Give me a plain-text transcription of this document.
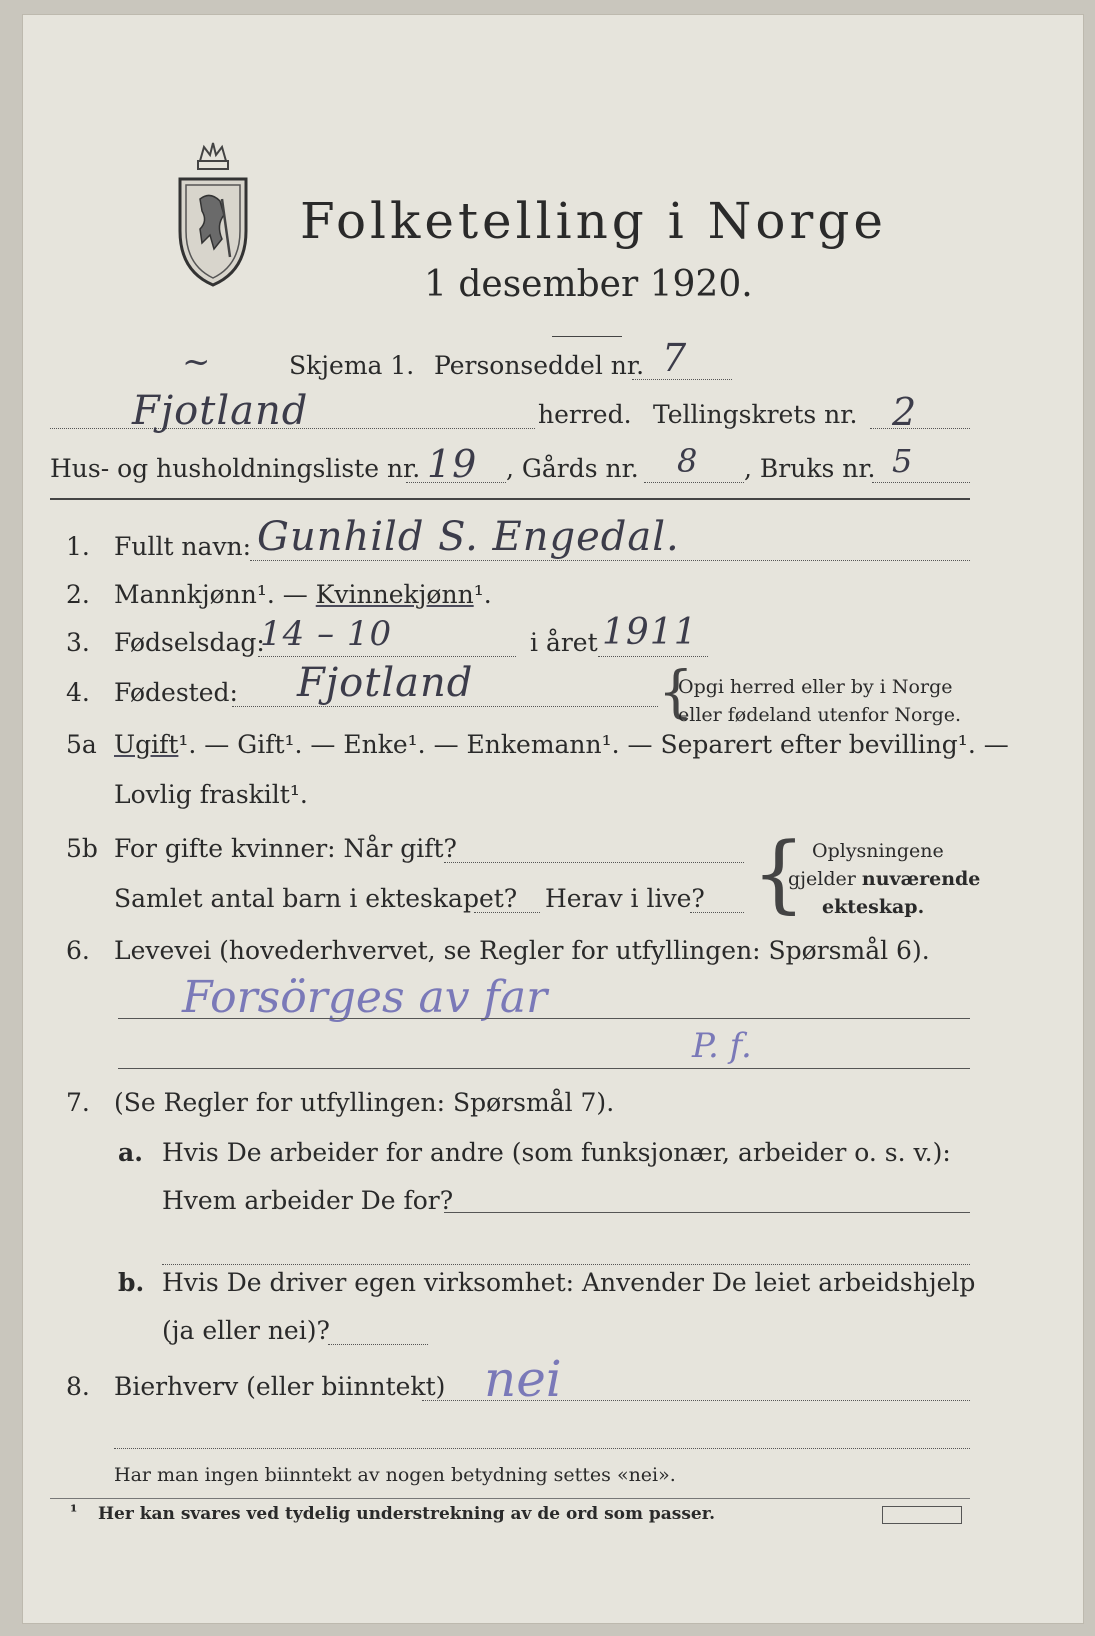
Folketelling i Norge
1 desember 1920.
~	Skjema 1. Personseddel nr. 7
Fjotland	herred. Tellingskrets nr. 2
Hus- og husholdningsliste nr. 19 , Gårds nr. 8 , Bruks nr. 5
1. Fullt navn: Gunhild S. Engedal.
2. Mannkjønn¹. — Kvinnekjønn¹.
3. Fødselsdag:
14 – 10	i året 1911
4. Fødested: Fjotland	{
Opgi herred eller by i Norge
eller fødeland utenfor Norge.
5a Ugift¹. — Gift¹. — Enke¹. — Enkemann¹. — Separert efter bevilling¹. —
Lovlig fraskilt¹.
5b For gifte kvinner: Når gift?
Samlet antal barn i ekteskapet? Herav i live? { Oplysningene
gjelder nuværende
ekteskap.
6. Levevei (hovederhvervet, se Regler for utfyllingen: Spørsmål 6).
Forsörges av far
P. f.
7. (Se Regler for utfyllingen: Spørsmål 7).
a. Hvis De arbeider for andre (som funksjonær, arbeider o. s. v.):
Hvem arbeider De for?
b. Hvis De driver egen virksomhet: Anvender De leiet arbeidshjelp
(ja eller nei)?
8. Bierhverv (eller biinntekt) nei
Har man ingen biinntekt av nogen betydning settes «nei».
¹ Her kan svares ved tydelig understrekning av de ord som passer.
